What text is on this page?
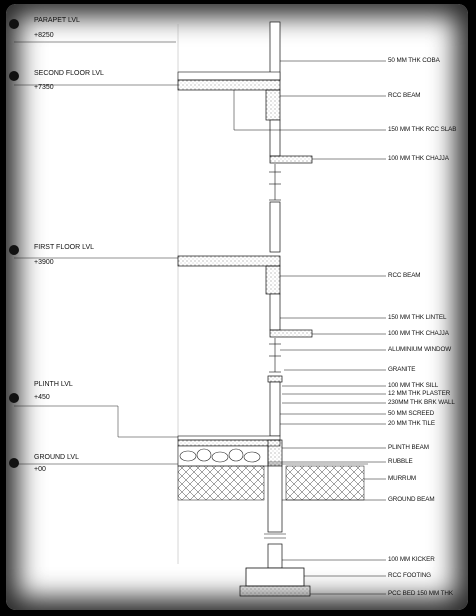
PARAPET LVL
+8250
SECOND FLOOR LVL
+7350
FIRST FLOOR LVL
+3900
PLINTH LVL
+450
GROUND LVL
+00
50 MM THK COBA
RCC BEAM
150 MM THK RCC SLAB
100 MM THK CHAJJA
RCC BEAM
150 MM THK LINTEL
100 MM THK CHAJJA
ALUMINIUM WINDOW
GRANITE
100 MM THK SILL
12 MM THK PLASTER
230MM THK BRK WALL
50 MM SCREED
20 MM THK TILE
PLINTH BEAM
RUBBLE
MURRUM
GROUND BEAM
100 MM KICKER
RCC FOOTING
PCC BED 150 MM THK
